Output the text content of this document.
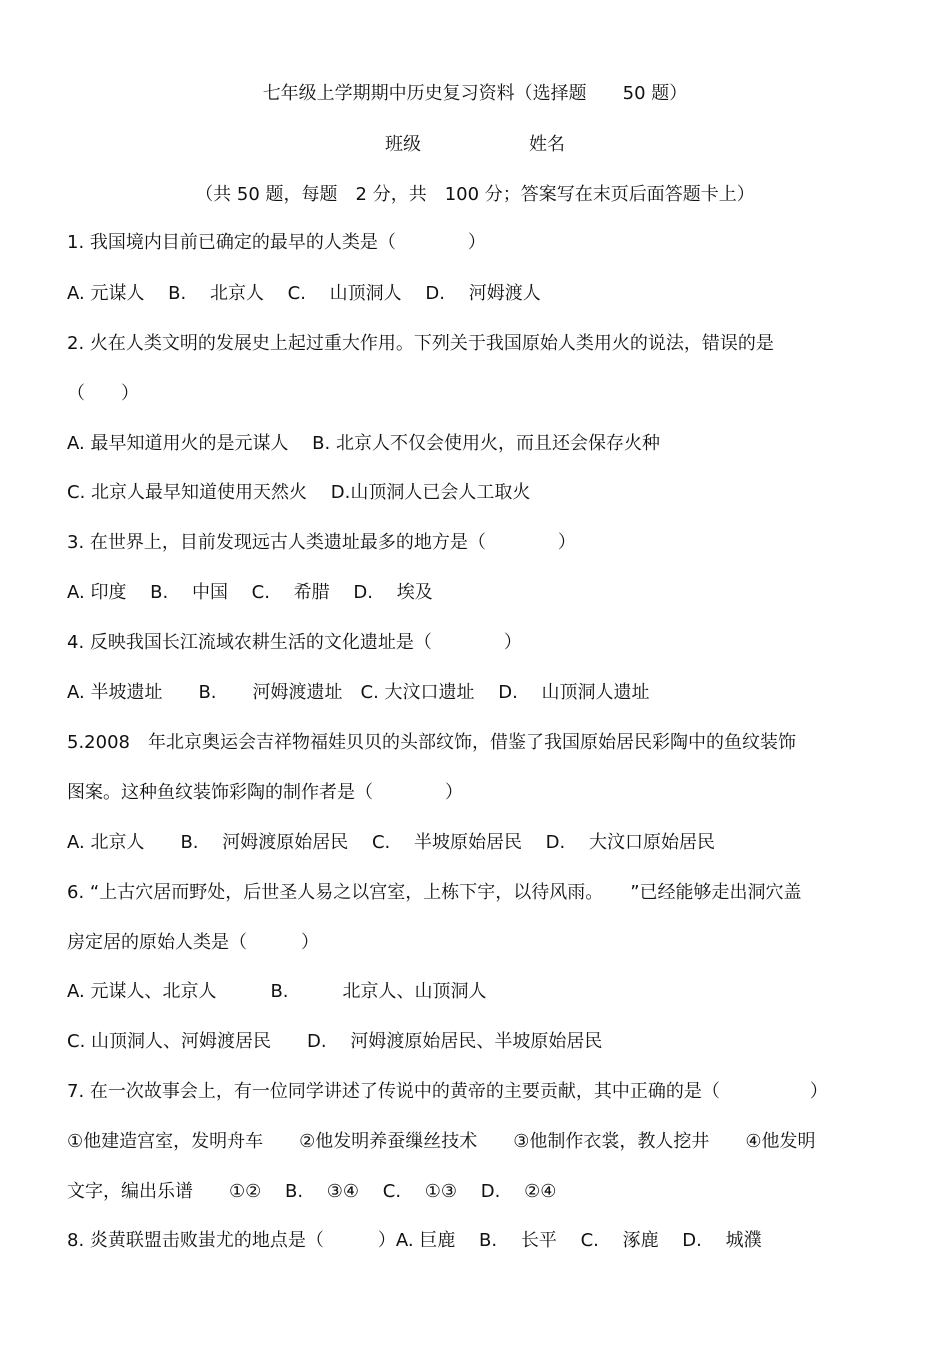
七年级上学期期中历史复习资料（选择题　　50 题）
班级　　　　　　姓名
（共 50 题，每题　2 分，共　100 分；答案写在末页后面答题卡上）
1. 我国境内目前已确定的最早的人类是（　　　　）
A. 元谋人　 B.　 北京人　 C.　 山顶洞人　 D.　 河姆渡人
2. 火在人类文明的发展史上起过重大作用。下列关于我国原始人类用火的说法，错误的是
（　　）
A. 最早知道用火的是元谋人　 B. 北京人不仅会使用火，而且还会保存火种
C. 北京人最早知道使用天然火　 D.山顶洞人已会人工取火
3. 在世界上，目前发现远古人类遗址最多的地方是（　　　　）
A. 印度　 B.　 中国　 C.　 希腊　 D.　 埃及
4. 反映我国长江流域农耕生活的文化遗址是（　　　　）
A. 半坡遗址　　B.　　河姆渡遗址　C. 大汶口遗址　 D.　 山顶洞人遗址
5.2008　年北京奥运会吉祥物福娃贝贝的头部纹饰，借鉴了我国原始居民彩陶中的鱼纹装饰
图案。这种鱼纹装饰彩陶的制作者是（　　　　）
A. 北京人　　B.　 河姆渡原始居民　 C.　 半坡原始居民　 D.　 大汶口原始居民
6. “上古穴居而野处，后世圣人易之以宫室，上栋下宇，以待风雨。　　”已经能够走出洞穴盖
房定居的原始人类是（　　　）
A. 元谋人、北京人　　　B.　　　北京人、山顶洞人
C. 山顶洞人、河姆渡居民　　D.　 河姆渡原始居民、半坡原始居民
7. 在一次故事会上，有一位同学讲述了传说中的黄帝的主要贡献，其中正确的是（　　　　　）
①他建造宫室，发明舟车　　②他发明养蚕缫丝技术　　③他制作衣裳，教人挖井　　④他发明
文字，编出乐谱　　①②　 B.　 ③④　 C.　 ①③　 D.　 ②④
8. 炎黄联盟击败蚩尤的地点是（　　　）A. 巨鹿　 B.　 长平　 C.　 涿鹿　 D.　 城濮
